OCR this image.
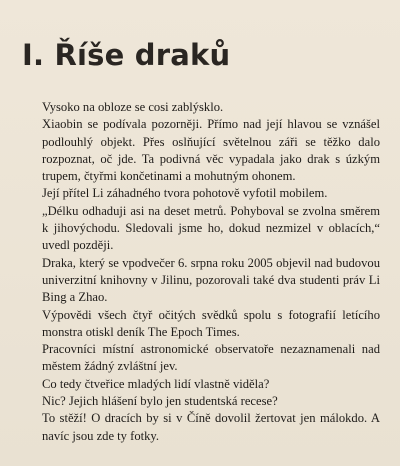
I. Říše draků

Vysoko na obloze se cosi zablýsklo.

Xiaobin se podívala pozorněji. Přímo nad její hlavou se vznášel podlouhlý objekt. Přes oslňující světelnou záři se těžko dalo rozpoznat, oč jde. Ta podivná věc vypadala jako drak s úzkým trupem, čtyřmi končetinami a mohutným ohonem.

Její přítel Li záhadného tvora pohotově vyfotil mobilem.

„Délku odhaduji asi na deset metrů. Pohyboval se zvolna směrem k jihovýchodu. Sledovali jsme ho, dokud nezmizel v oblacích,“ uvedl později.

Draka, který se vpodvečer 6. srpna roku 2005 objevil nad budovou univerzitní knihovny v Jilinu, pozorovali také dva studenti práv Li Bing a Zhao.

Výpovědi všech čtyř očitých svědků spolu s fotografií letícího monstra otiskl deník The Epoch Times.

Pracovníci místní astronomické observatoře nezaznamenali nad městem žádný zvláštní jev.

Co tedy čtveřice mladých lidí vlastně viděla?

Nic? Jejich hlášení bylo jen studentská recese?

To stěží! O dracích by si v Číně dovolil žertovat jen málokdo. A navíc jsou zde ty fotky.
